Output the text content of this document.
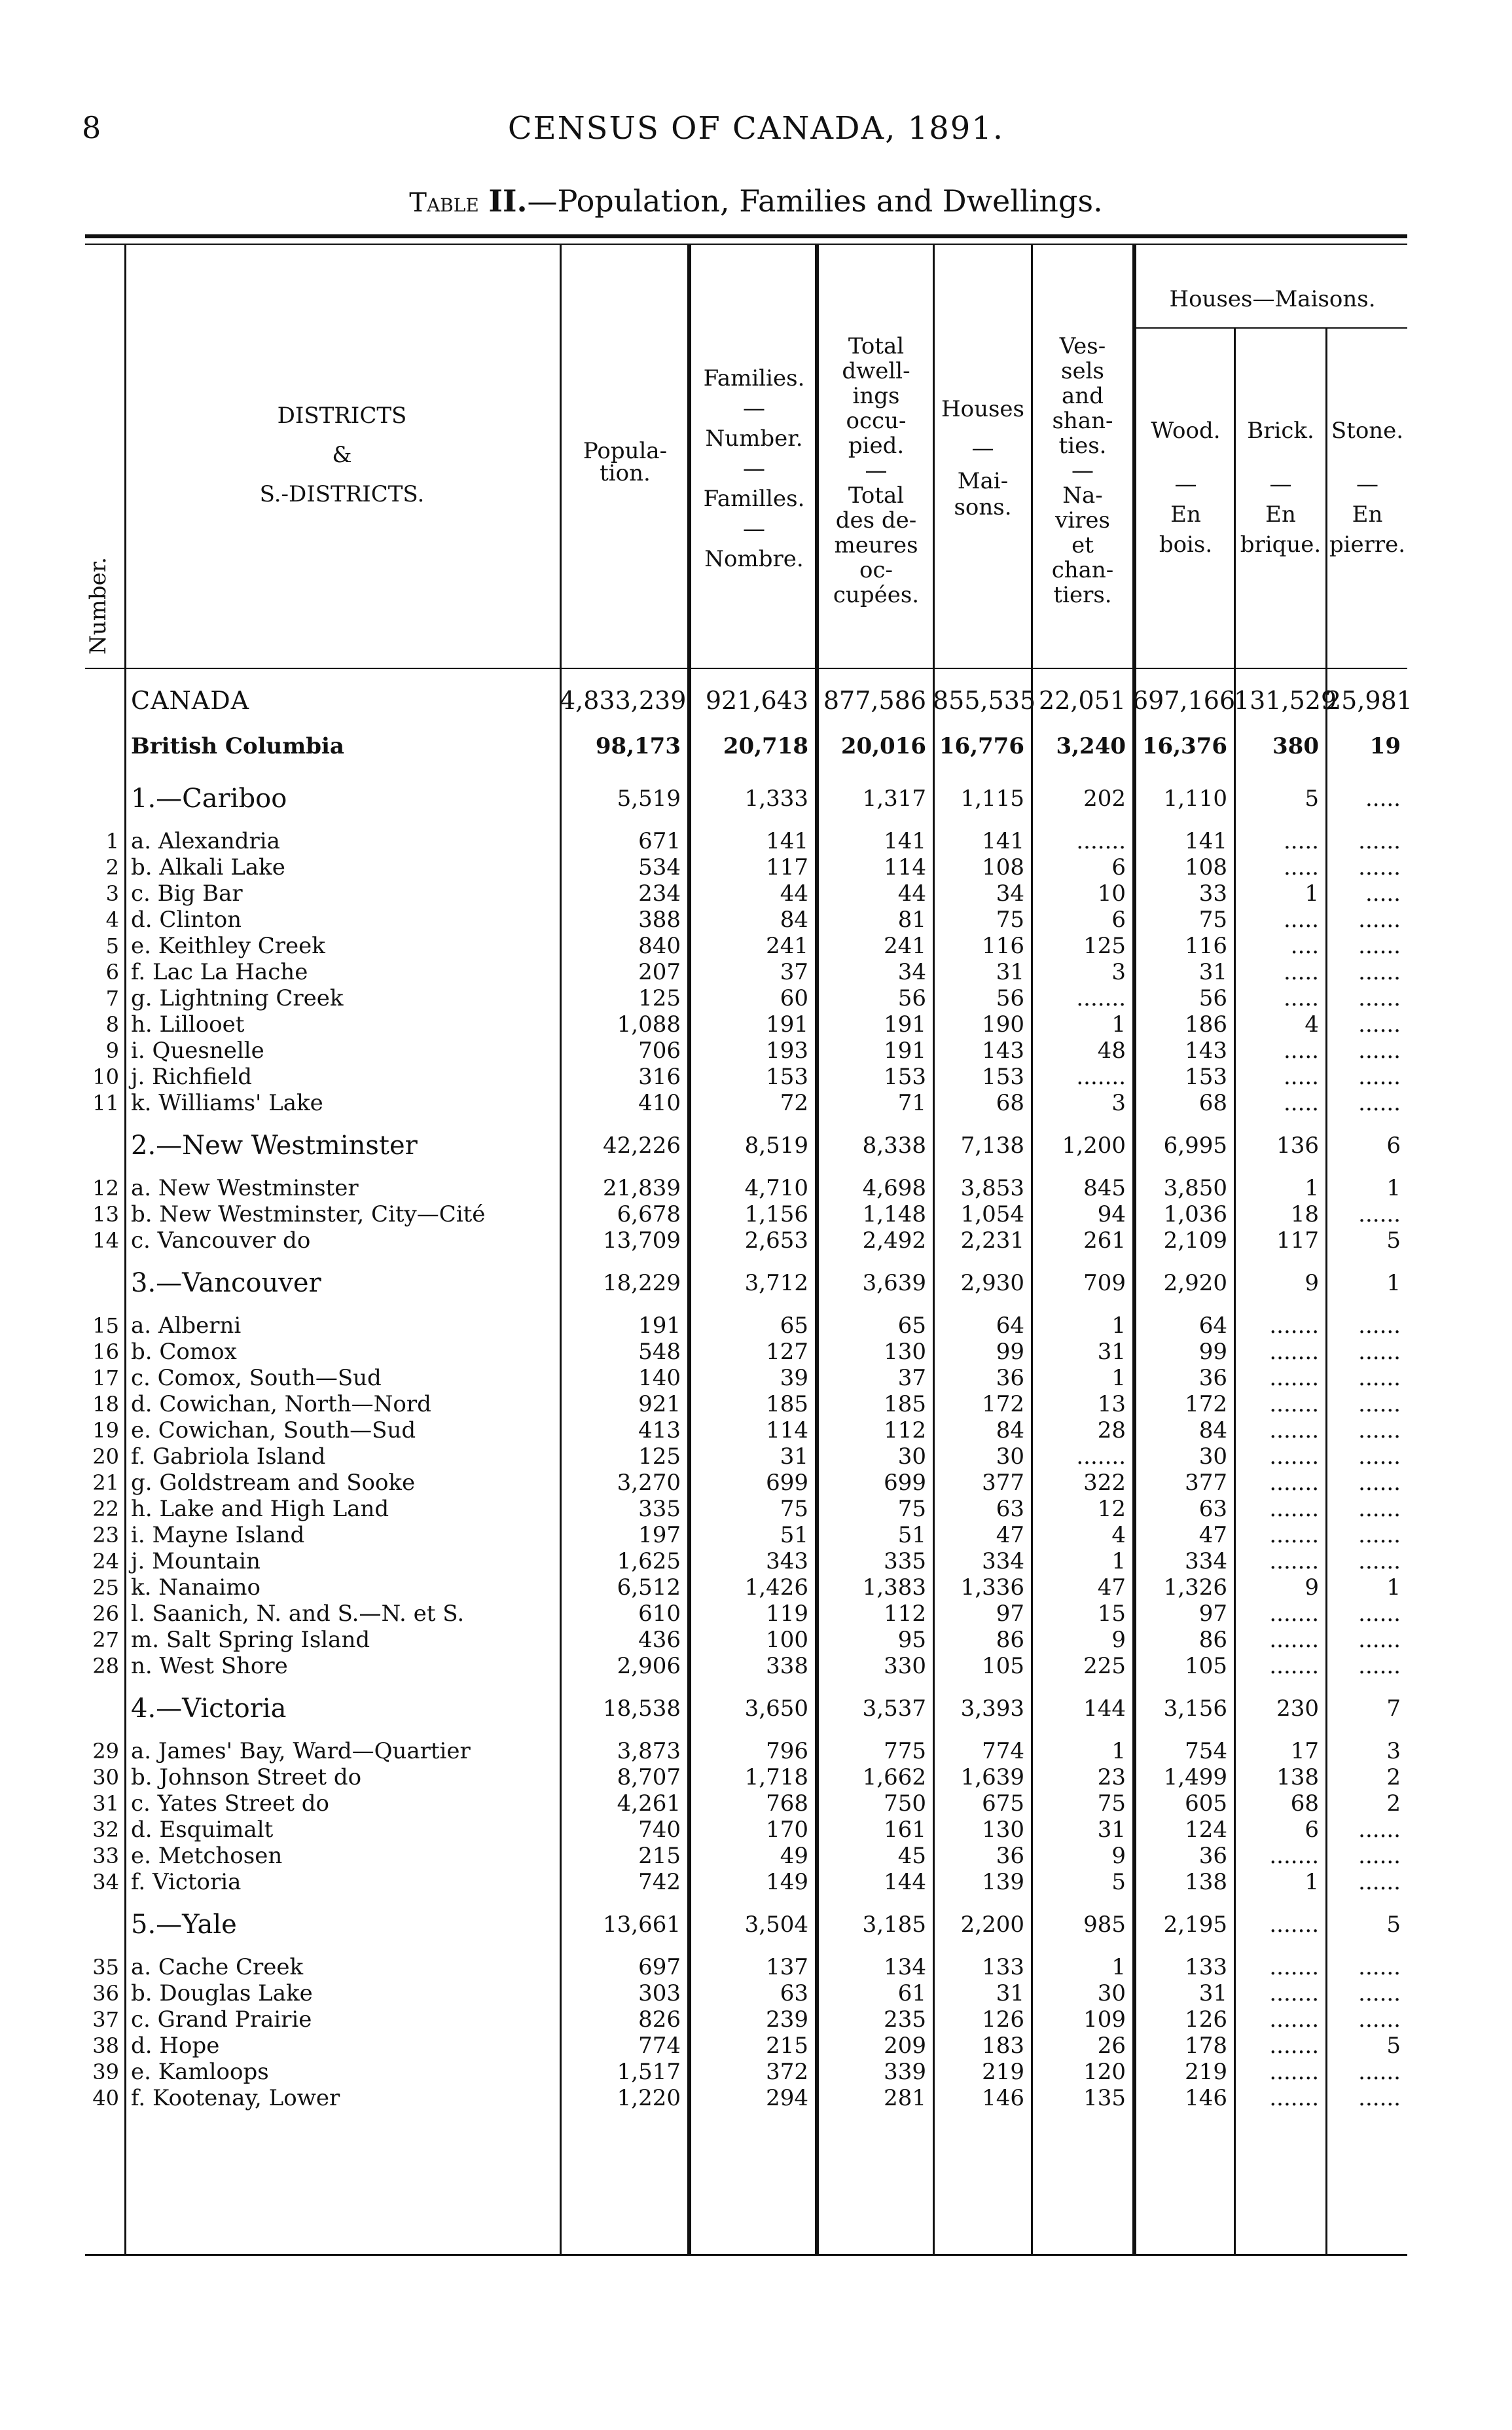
8	CENSUS OF CANADA, 1891.
Table II.—Population, Families and Dwellings.
Number.
DISTRICTS
&
S.-DISTRICTS.
Popula-
tion.
Families.
—
Number.
—
Familles.
—
Nombre.
Total
dwell-
ings
occu-
pied.
—
Total
des de-
meures
oc-
cupées.
Houses
—
Mai-
sons.
Ves-
sels
and
shan-
ties.
—
Na-
vires
et
chan-
tiers.
Houses—Maisons.
Wood.
—
En
bois.
Brick.
—
En
brique.
Stone.
—
En
pierre.
	CANADA	4,833,239	921,643	877,586	855,535	22,051	697,166	131,529	25,981
	British Columbia	98,173	20,718	20,016	16,776	3,240	16,376	380	19
	1.—Cariboo	5,519	1,333	1,317	1,115	202	1,110	5	.....
1	a. Alexandria	671	141	141	141	.......	141	.....	......
2	b. Alkali Lake	534	117	114	108	6	108	.....	......
3	c. Big Bar	234	44	44	34	10	33	1	.....
4	d. Clinton	388	84	81	75	6	75	.....	......
5	e. Keithley Creek	840	241	241	116	125	116	....	......
6	f. Lac La Hache	207	37	34	31	3	31	.....	......
7	g. Lightning Creek	125	60	56	56	.......	56	.....	......
8	h. Lillooet	1,088	191	191	190	1	186	4	......
9	i. Quesnelle	706	193	191	143	48	143	.....	......
10	j. Richfield	316	153	153	153	.......	153	.....	......
11	k. Williams' Lake	410	72	71	68	3	68	.....	......
	2.—New Westminster	42,226	8,519	8,338	7,138	1,200	6,995	136	6
12	a. New Westminster	21,839	4,710	4,698	3,853	845	3,850	1	1
13	b. New Westminster, City—Cité	6,678	1,156	1,148	1,054	94	1,036	18	......
14	c. Vancouver do	13,709	2,653	2,492	2,231	261	2,109	117	5
	3.—Vancouver	18,229	3,712	3,639	2,930	709	2,920	9	1
15	a. Alberni	191	65	65	64	1	64	.......	......
16	b. Comox	548	127	130	99	31	99	.......	......
17	c. Comox, South—Sud	140	39	37	36	1	36	.......	......
18	d. Cowichan, North—Nord	921	185	185	172	13	172	.......	......
19	e. Cowichan, South—Sud	413	114	112	84	28	84	.......	......
20	f. Gabriola Island	125	31	30	30	.......	30	.......	......
21	g. Goldstream and Sooke	3,270	699	699	377	322	377	.......	......
22	h. Lake and High Land	335	75	75	63	12	63	.......	......
23	i. Mayne Island	197	51	51	47	4	47	.......	......
24	j. Mountain	1,625	343	335	334	1	334	.......	......
25	k. Nanaimo	6,512	1,426	1,383	1,336	47	1,326	9	1
26	l. Saanich, N. and S.—N. et S.	610	119	112	97	15	97	.......	......
27	m. Salt Spring Island	436	100	95	86	9	86	.......	......
28	n. West Shore	2,906	338	330	105	225	105	.......	......
	4.—Victoria	18,538	3,650	3,537	3,393	144	3,156	230	7
29	a. James' Bay, Ward—Quartier	3,873	796	775	774	1	754	17	3
30	b. Johnson Street do	8,707	1,718	1,662	1,639	23	1,499	138	2
31	c. Yates Street do	4,261	768	750	675	75	605	68	2
32	d. Esquimalt	740	170	161	130	31	124	6	......
33	e. Metchosen	215	49	45	36	9	36	.......	......
34	f. Victoria	742	149	144	139	5	138	1	......
	5.—Yale	13,661	3,504	3,185	2,200	985	2,195	.......	5
35	a. Cache Creek	697	137	134	133	1	133	.......	......
36	b. Douglas Lake	303	63	61	31	30	31	.......	......
37	c. Grand Prairie	826	239	235	126	109	126	.......	......
38	d. Hope	774	215	209	183	26	178	.......	5
39	e. Kamloops	1,517	372	339	219	120	219	.......	......
40	f. Kootenay, Lower	1,220	294	281	146	135	146	.......	......
